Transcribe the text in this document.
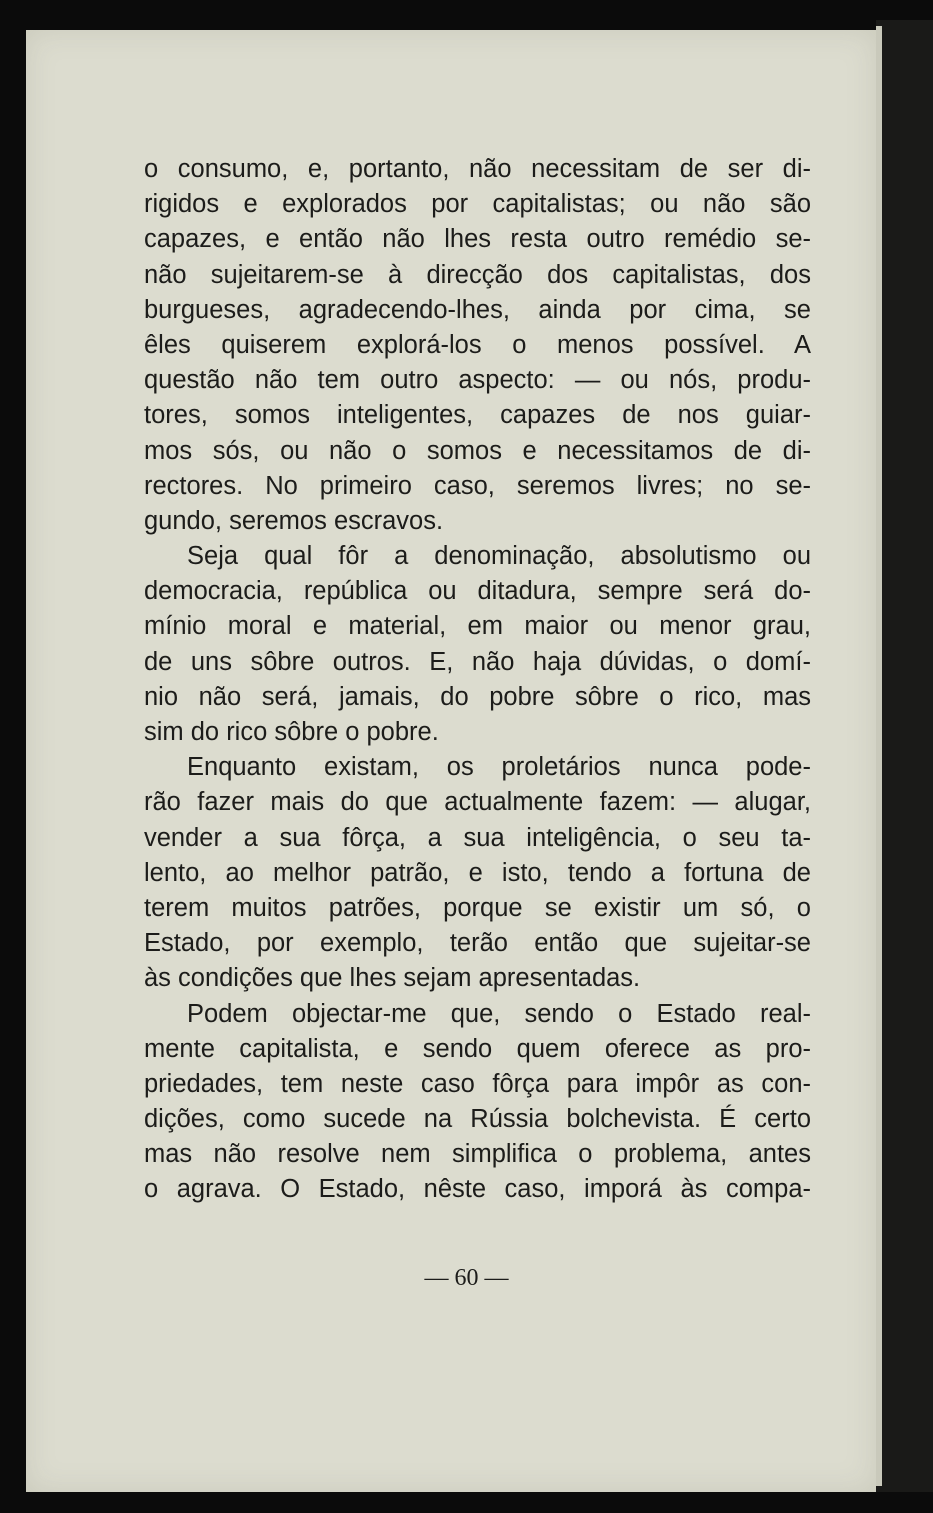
o consumo, e, portanto, não necessitam de ser di-
rigidos e explorados por capitalistas; ou não são
capazes, e então não lhes resta outro remédio se-
não sujeitarem-se à direcção dos capitalistas, dos
burgueses, agradecendo-lhes, ainda por cima, se
êles quiserem explorá-los o menos possível. A
questão não tem outro aspecto: — ou nós, produ-
tores, somos inteligentes, capazes de nos guiar-
mos sós, ou não o somos e necessitamos de di-
rectores. No primeiro caso, seremos livres; no se-
gundo, seremos escravos.
Seja qual fôr a denominação, absolutismo ou
democracia, república ou ditadura, sempre será do-
mínio moral e material, em maior ou menor grau,
de uns sôbre outros. E, não haja dúvidas, o domí-
nio não será, jamais, do pobre sôbre o rico, mas
sim do rico sôbre o pobre.
Enquanto existam, os proletários nunca pode-
rão fazer mais do que actualmente fazem: — alugar,
vender a sua fôrça, a sua inteligência, o seu ta-
lento, ao melhor patrão, e isto, tendo a fortuna de
terem muitos patrões, porque se existir um só, o
Estado, por exemplo, terão então que sujeitar-se
às condições que lhes sejam apresentadas.
Podem objectar-me que, sendo o Estado real-
mente capitalista, e sendo quem oferece as pro-
priedades, tem neste caso fôrça para impôr as con-
dições, como sucede na Rússia bolchevista. É certo
mas não resolve nem simplifica o problema, antes
o agrava. O Estado, nêste caso, imporá às compa-
— 60 —
